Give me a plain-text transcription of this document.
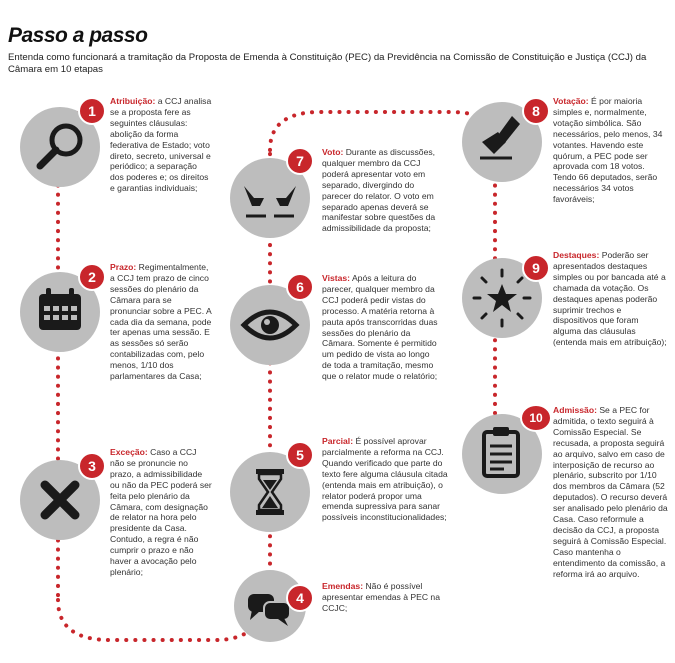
Passo a passo
Entenda como funcionará a tramitação da Proposta de Emenda à Constituição (PEC) da Previdência na Comissão de Constituição e Justiça (CCJ) da Câmara em 10 etapas
1
Atribuição: a CCJ analisa se a proposta fere as seguintes cláusulas: abolição da forma federativa de Estado; voto direto, secreto, universal e periódico; a separação dos poderes e; os direitos e garantias individuais;
2
Prazo: Regimentalmente, a CCJ tem prazo de cinco sessões do plenário da Câmara para se pronunciar sobre a PEC. A cada dia da semana, pode ter apenas uma sessão. E as sessões só serão contabilizadas com, pelo menos, 1/10 dos parlamentares da Casa;
3
Exceção: Caso a CCJ não se pronuncie no prazo, a admissibilidade ou não da PEC poderá ser feita pelo plenário da Câmara, com designação de relator na hora pelo presidente da Casa. Contudo, a regra é não cumprir o prazo e não haver a avocação pelo plenário;
4
Emendas: Não é possível apresentar emendas à PEC na CCJC;
5
Parcial: É possível aprovar parcialmente a reforma na CCJ. Quando verificado que parte do texto fere alguma cláusula citada (entenda mais em atribuição), o relator poderá propor uma emenda supressiva para sanar possíveis inconstitucionalidades;
6
Vistas: Após a leitura do parecer, qualquer membro da CCJ poderá pedir vistas do processo. A matéria retorna à pauta após transcorridas duas sessões do plenário da Câmara. Somente é permitido um pedido de vista ao longo de toda a tramitação, mesmo que o relator mude o relatório;
7
Voto: Durante as discussões, qualquer membro da CCJ poderá apresentar voto em separado, divergindo do parecer do relator. O voto em separado apenas deverá se manifestar sobre questões da admissibilidade da proposta;
8
Votação: É por maioria simples e, normalmente, votação simbólica. São necessários, pelo menos, 34 votantes. Havendo este quórum, a PEC pode ser aprovada com 18 votos. Tendo 66 deputados, serão necessários 34 votos favoráveis;
9
Destaques: Poderão ser apresentados destaques simples ou por bancada até a chamada da votação. Os destaques apenas poderão suprimir trechos e dispositivos que foram alguma das cláusulas (entenda mais em atribuição);
10
Admissão: Se a PEC for admitida, o texto seguirá à Comissão Especial. Se recusada, a proposta seguirá ao arquivo, salvo em caso de interposição de recurso ao plenário, subscrito por 1/10 dos membros da Câmara (52 deputados). O recurso deverá ser analisado pelo plenário da Casa. Caso reformule a decisão da CCJ, a proposta seguirá à Comissão Especial. Caso mantenha o entendimento da comissão, a reforma irá ao arquivo.
